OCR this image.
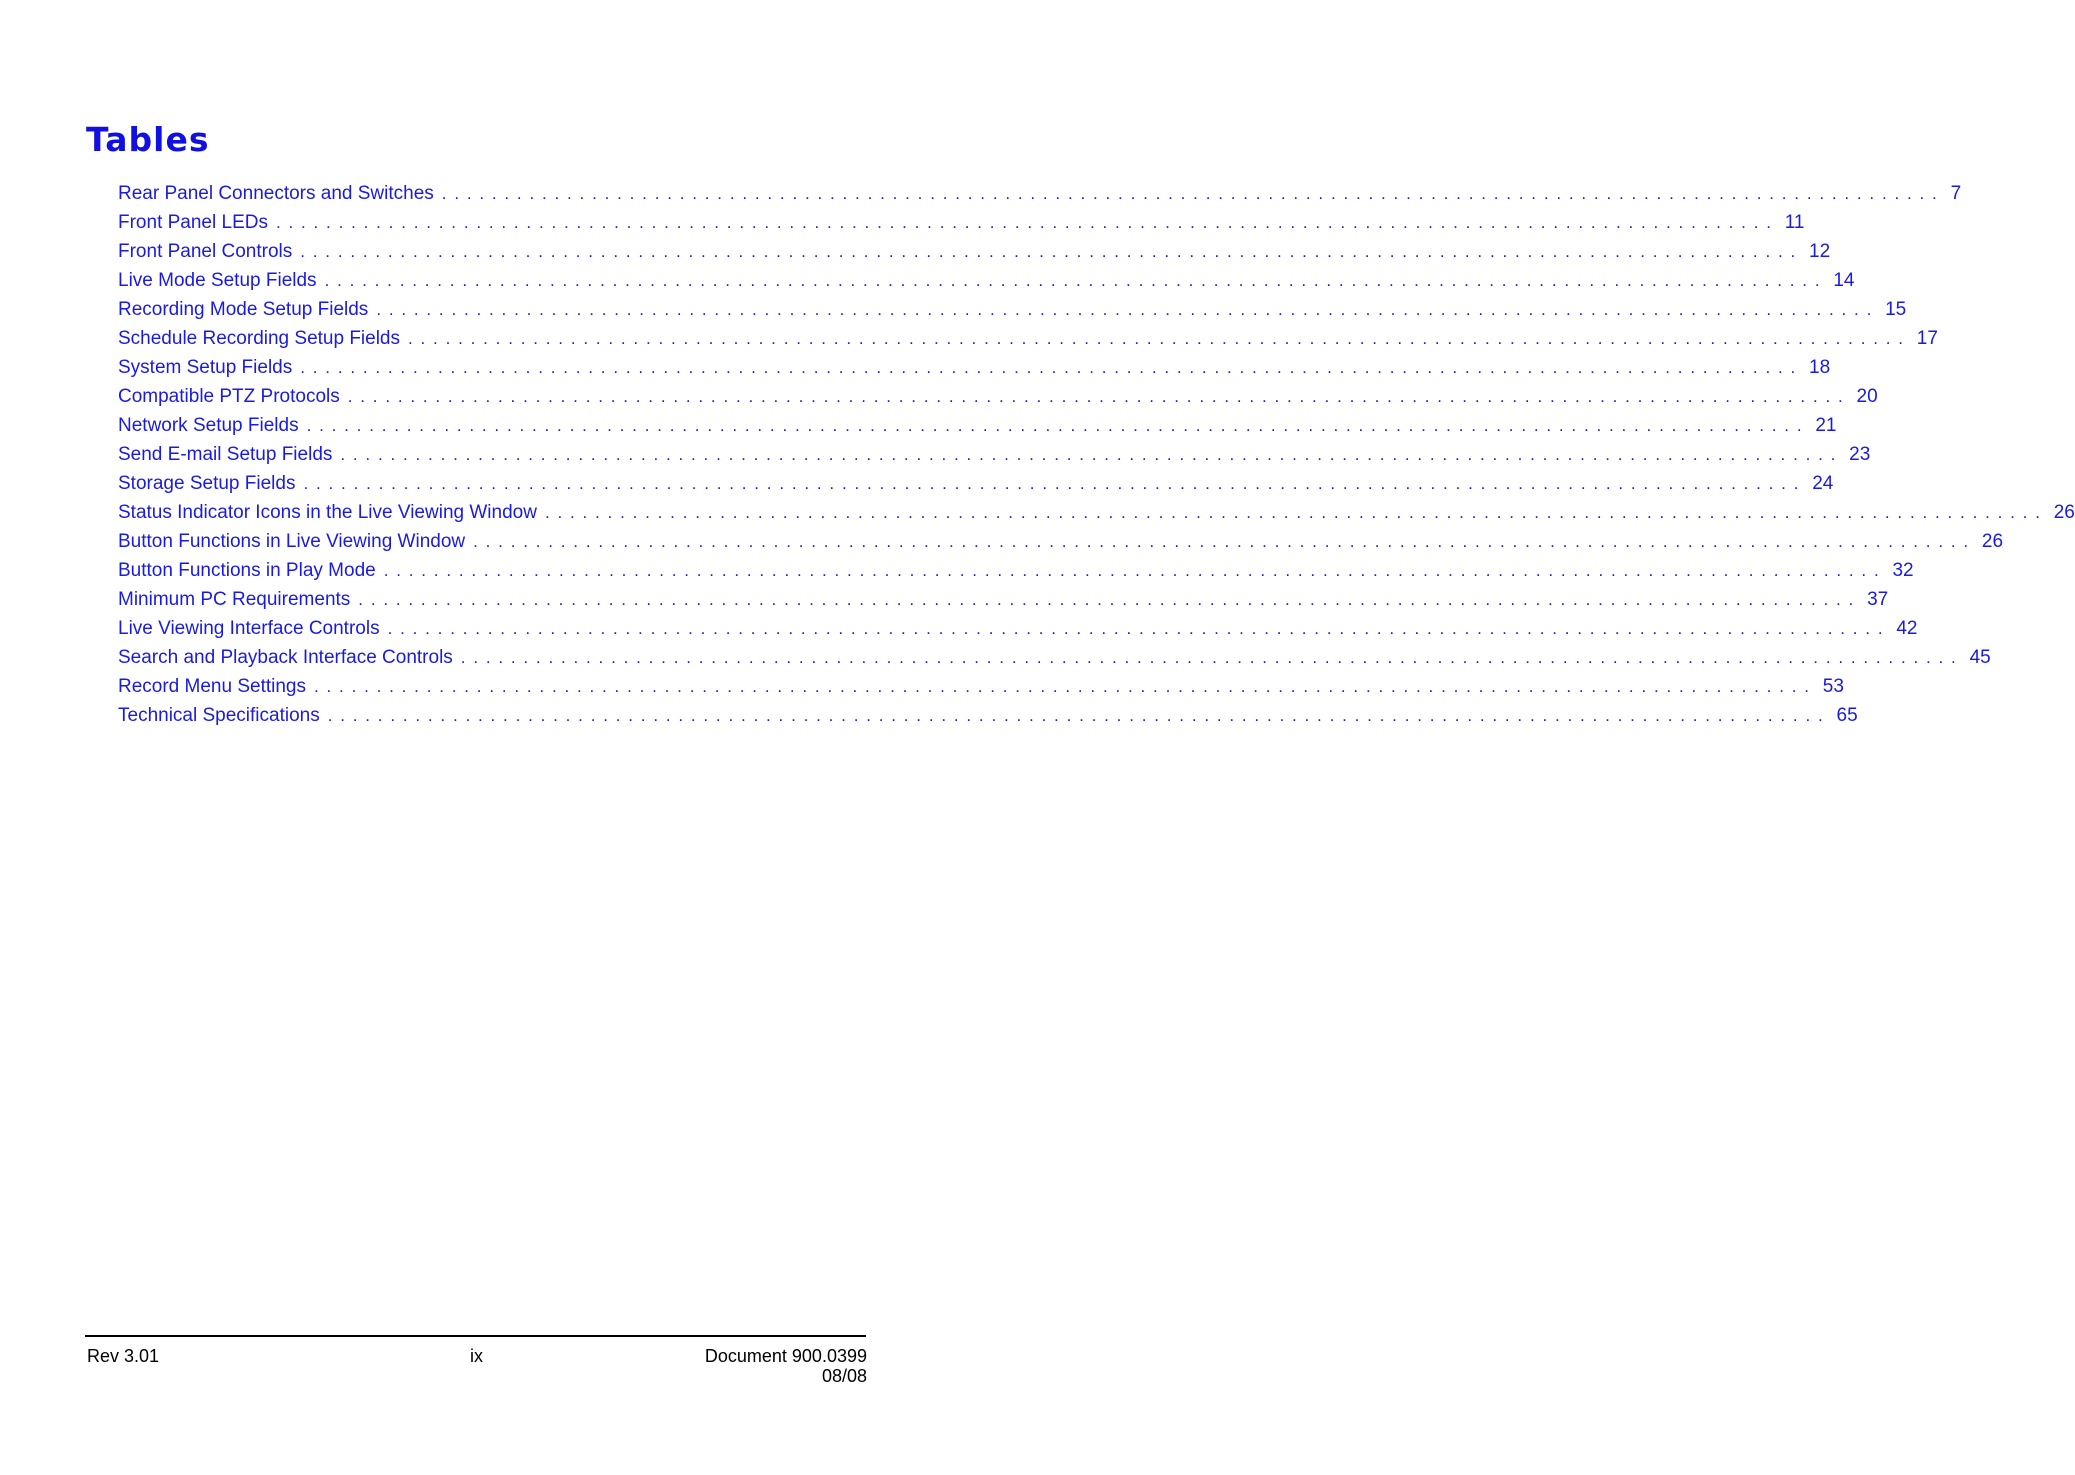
Tables
Rear Panel Connectors and Switches ........................................................................................................................ 7
Front Panel LEDs ........................................................................................................................ 11
Front Panel Controls ........................................................................................................................ 12
Live Mode Setup Fields ........................................................................................................................ 14
Recording Mode Setup Fields ........................................................................................................................ 15
Schedule Recording Setup Fields ........................................................................................................................ 17
System Setup Fields ........................................................................................................................ 18
Compatible PTZ Protocols ........................................................................................................................ 20
Network Setup Fields ........................................................................................................................ 21
Send E-mail Setup Fields ........................................................................................................................ 23
Storage Setup Fields ........................................................................................................................ 24
Status Indicator Icons in the Live Viewing Window ........................................................................................................................ 26
Button Functions in Live Viewing Window ........................................................................................................................ 26
Button Functions in Play Mode ........................................................................................................................ 32
Minimum PC Requirements ........................................................................................................................ 37
Live Viewing Interface Controls ........................................................................................................................ 42
Search and Playback Interface Controls ........................................................................................................................ 45
Record Menu Settings ........................................................................................................................ 53
Technical Specifications ........................................................................................................................ 65
Rev 3.01	ix	Document 900.0399
08/08
